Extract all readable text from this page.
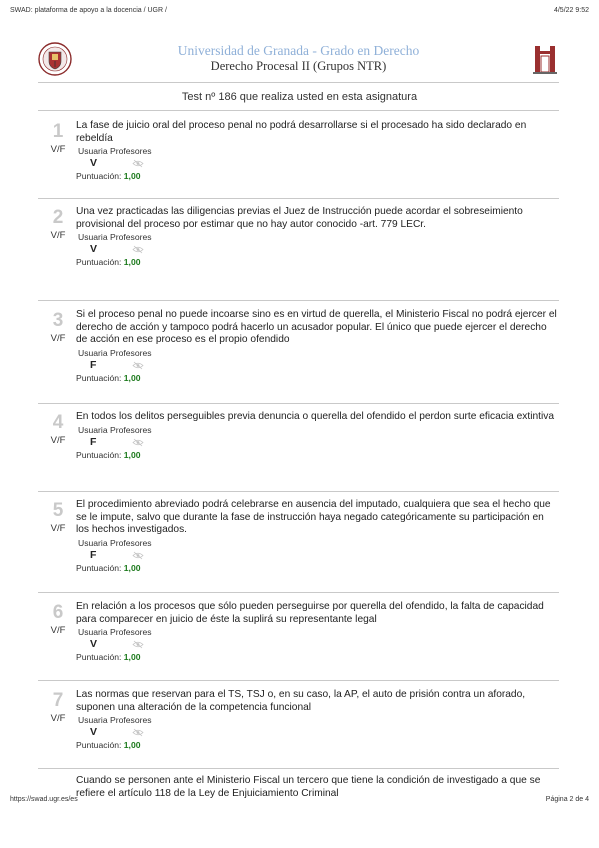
SWAD: plataforma de apoyo a la docencia / UGR /	4/5/22 9:52
Universidad de Granada - Grado en Derecho
Derecho Procesal II (Grupos NTR)
Test nº 186 que realiza usted en esta asignatura
1
V/F
La fase de juicio oral del proceso penal no podrá desarrollarse si el procesado ha sido declarado en rebeldía
Usuaria Profesores
V
Puntuación: 1,00
2
V/F
Una vez practicadas las diligencias previas el Juez de Instrucción puede acordar el sobreseimiento provisional del proceso por estimar que no hay autor conocido -art. 779 LECr.
Usuaria Profesores
V
Puntuación: 1,00
3
V/F
Si el proceso penal no puede incoarse sino es en virtud de querella, el Ministerio Fiscal no podrá ejercer el derecho de acción y tampoco podrá hacerlo un acusador popular. El único que puede ejercer el derecho de acción en ese proceso es el propio ofendido
Usuaria Profesores
F
Puntuación: 1,00
4
V/F
En todos los delitos perseguibles previa denuncia o querella del ofendido el perdon surte eficacia extintiva
Usuaria Profesores
F
Puntuación: 1,00
5
V/F
El procedimiento abreviado podrá celebrarse en ausencia del imputado, cualquiera que sea el hecho que se le impute, salvo que durante la fase de instrucción haya negado categóricamente su participación en los hechos investigados.
Usuaria Profesores
F
Puntuación: 1,00
6
V/F
En relación a los procesos que sólo pueden perseguirse por querella del ofendido, la falta de capacidad para comparecer en juicio de éste la suplirá su representante legal
Usuaria Profesores
V
Puntuación: 1,00
7
V/F
Las normas que reservan para el TS, TSJ o, en su caso, la AP, el auto de prisión contra un aforado, suponen una alteración de la competencia funcional
Usuaria Profesores
V
Puntuación: 1,00
Cuando se personen ante el Ministerio Fiscal un tercero que tiene la condición de investigado a que se refiere el artículo 118 de la Ley de Enjuiciamiento Criminal
https://swad.ugr.es/es	Página 2 de 4
